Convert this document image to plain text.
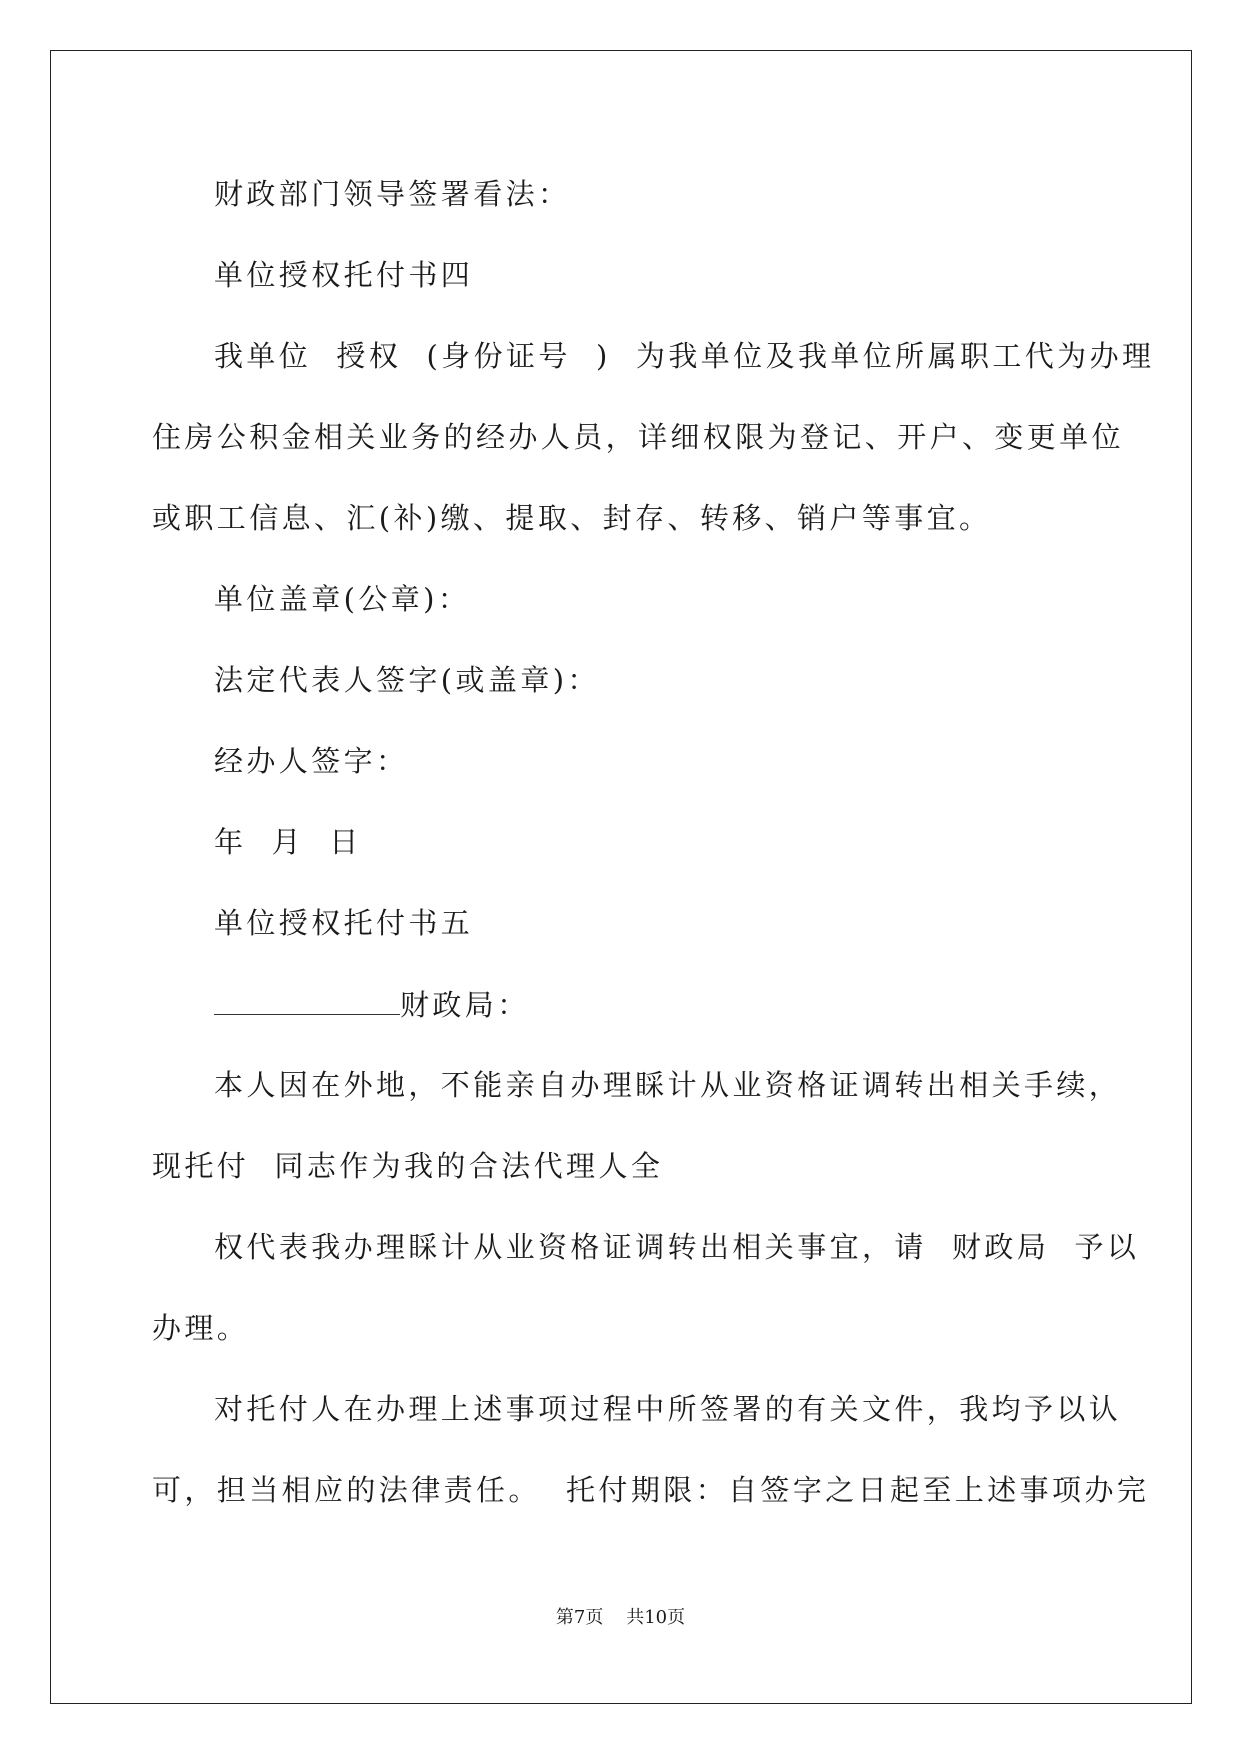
财政部门领导签署看法：
单位授权托付书四
我单位  授权  (身份证号  )  为我单位及我单位所属职工代为办理
住房公积金相关业务的经办人员，详细权限为登记、开户、变更单位
或职工信息、汇(补)缴、提取、封存、转移、销户等事宜。
单位盖章(公章)：
法定代表人签字(或盖章)：
经办人签字：
年  月  日
单位授权托付书五
财政局：
本人因在外地，不能亲自办理睬计从业资格证调转出相关手续，
现托付  同志作为我的合法代理人全
权代表我办理睬计从业资格证调转出相关事宜，请  财政局  予以
办理。
对托付人在办理上述事项过程中所签署的有关文件，我均予以认
可，担当相应的法律责任。  托付期限：自签字之日起至上述事项办完
第7页    共10页
